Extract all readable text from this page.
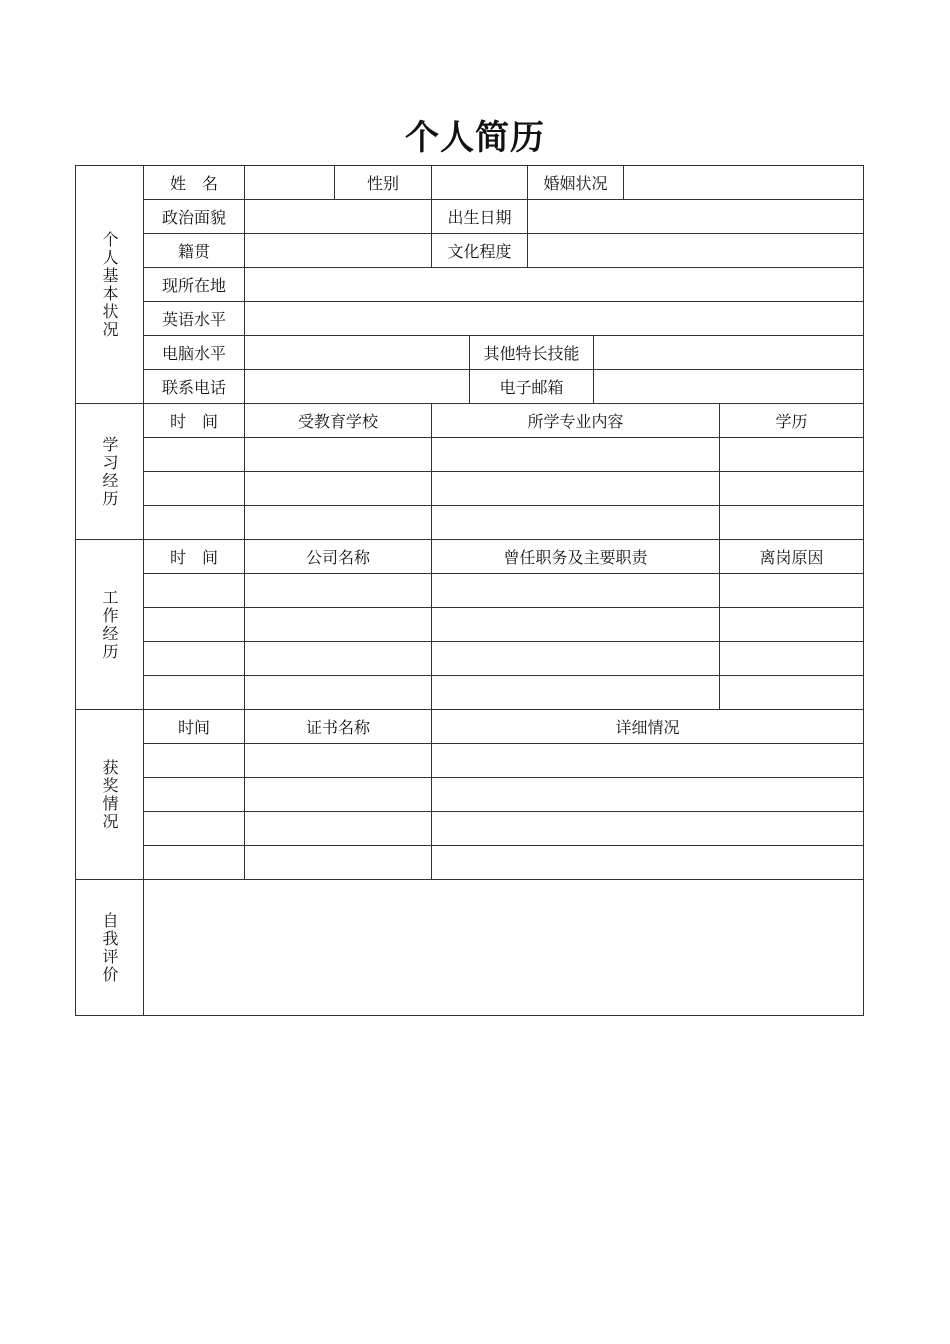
个人简历
个人基本状况	姓　名		性别			婚姻状况		
	政治面貌			出生日期						
	籍贯			文化程度						
	现所在地									
	英语水平									
	电脑水平				其他特长技能					
	联系电话				电子邮箱					
学习经历	时　间	受教育学校		所学专业内容					学历	

工作经历	时　间	公司名称		曾任职务及主要职责					离岗原因	

获奖情况	时间	证书名称		详细情况						

自我评价										
